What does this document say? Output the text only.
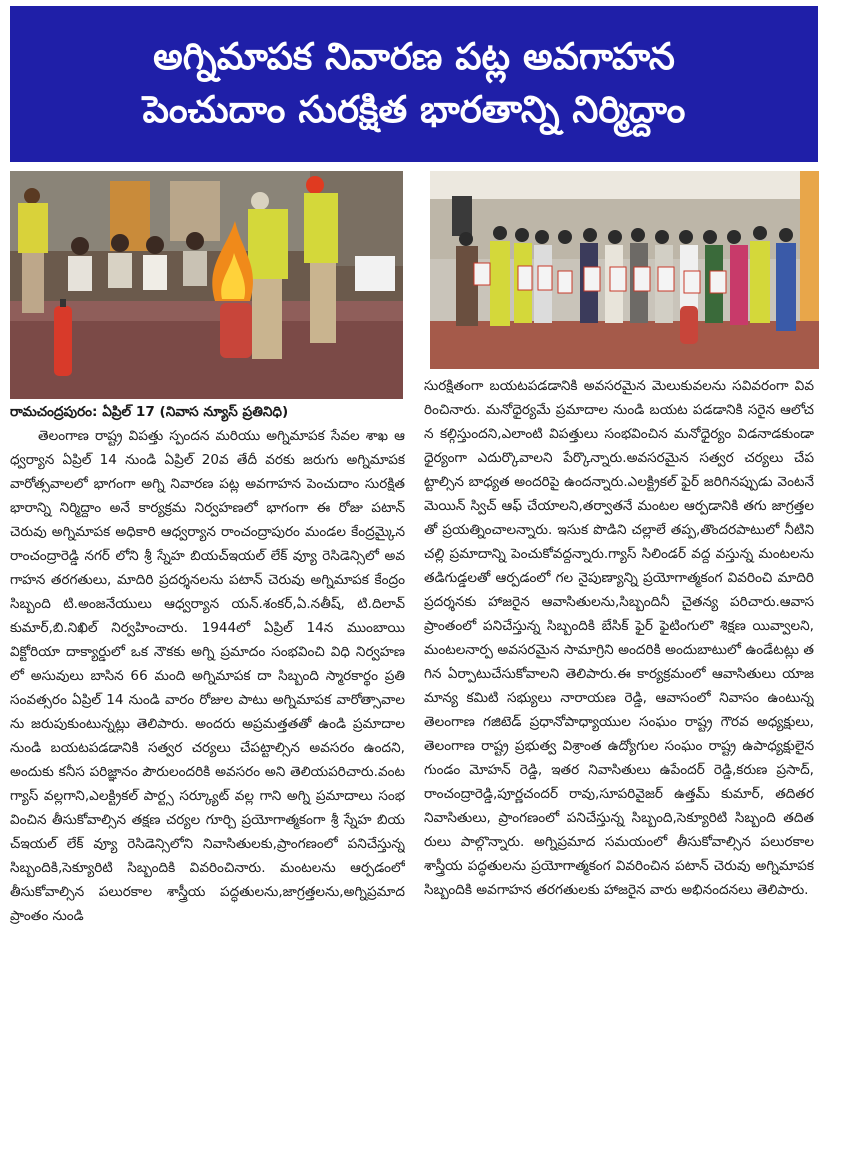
అగ్నిమాపక నివారణ పట్ల అవగాహన
పెంచుదాం సురక్షిత భారతాన్ని నిర్మిద్దాం

రామచంద్రపురం: ఏప్రిల్ 17 (నివాస న్యూస్ ప్రతినిధి)

తెలంగాణ రాష్ట్ర విపత్తు స్పందన మరియు అగ్నిమాపక సేవల శాఖ ఆధ్వర్యాన ఏప్రిల్ 14 నుండి ఏప్రిల్ 20వ తేదీ వరకు జరుగు అగ్నిమాపక వారోత్సవాలలో భాగంగా అగ్ని నివారణ పట్ల అవగాహన పెంచుదాం సురక్షిత భారాన్ని నిర్మిద్దాం అనే కార్యక్రమ నిర్వహణలో భాగంగా ఈ రోజు పటాన్ చెరువు అగ్నిమాపక అధికారి ఆధ్వర్యాన రాంచంద్రాపురం మండల కేంద్రమ్కైన రాంచంద్రారెడ్డి నగర్ లోని శ్రీ స్నేహ బియచ్ఇయల్ లేక్ వ్యూ రెసిడెన్సిలో అవగాహన తరగతులు, మాదిరి ప్రదర్శనలను పటాన్ చెరువు అగ్నిమాపక కేంద్రం సిబ్బంది టి.అంజనేయులు ఆధ్వర్యాన యన్.శంకర్,ఏ.నతీష్, టి.దిలావ్ కుమార్,బి.నిఖిల్ నిర్వహించారు. 1944లో ఏప్రిల్ 14న ముంబాయి విక్టోరియా దాక్యార్డులో ఒక నౌకకు అగ్ని ప్రమాదం సంభవించి విధి నిర్వహణలో అసువులు బాసిన 66 మంది అగ్నిమాపక దా సిబ్బంది స్మారకార్థం ప్రతి సంవత్సరం ఏప్రిల్ 14 నుండి వారం రోజుల పాటు అగ్నిమాపక వారోత్సావాలను జరుపుకుంటున్నట్లు తెలిపారు. అందరు అప్రమత్తతతో ఉండి ప్రమాదాల నుండి బయటపడడానికి సత్వర చర్యలు చేపట్టాల్సిన అవసరం ఉందని, అందుకు కనీస పరిజ్ఞానం పౌరులందరికి అవసరం అని తెలియపరిచారు.వంటగ్యాస్ వల్లగాని,ఎలక్ట్రికల్ పార్ట్స సర్క్యూట్ వల్ల గాని అగ్ని ప్రమాదాలు సంభవించిన తీసుకోవాల్సిన తక్షణ చర్యల గూర్చి ప్రయోగాత్మకంగా శ్రీ స్నేహ బియచ్ఇయల్ లేక్ వ్యూ రెసిడెన్సిలోని నివాసితులకు,ప్రాంగణంలో పనిచేస్తున్న సిబ్బందికి,సెక్యూరిటి సిబ్బందికి వివరించినారు. మంటలను ఆర్పడంలో తీసుకోవాల్సిన పలురకాల శాస్త్రీయ పద్ధతులను,జాగ్రత్తలను,అగ్నిప్రమాద ప్రాంతం నుండి

సురక్షితంగా బయటపడడానికి అవసరమైన మెలుకువలను సవివరంగా వివరించినారు. మనోధైర్యమే ప్రమాదాల నుండి బయట పడడానికి సరైన ఆలోచన కల్గిస్తుందని,ఎలాంటి విపత్తులు సంభవించిన మనోధైర్యం విడనాడకుండా ధైర్యంగా ఎదుర్కొవాలని పేర్కొన్నారు.అవసరమైన సత్వర చర్యలు చేపట్టాల్సిన బాధ్యత అందరిపై ఉందన్నారు.ఎలక్ట్రికల్ ఫైర్ జరిగినప్పుడు వెంటనే మెయిన్ స్విచ్ ఆఫ్ చేయాలని,తర్వాతనే మంటల ఆర్పడానికి తగు జాగ్రత్తలతో ప్రయత్నించాలన్నారు. ఇసుక పొడిని చల్లాలే తప్ప,తొందరపాటులో నీటిని చల్లి ప్రమాదాన్ని పెంచుకోవద్దన్నారు.గ్యాస్ సిలిండర్ వద్ద వస్తున్న మంటలను తడిగుడ్డలతో ఆర్పడంలో గల నైపుణ్యాన్ని ప్రయోగాత్మకంగ వివరించి మాదిరి ప్రదర్శనకు హాజరైన ఆవాసితులను,సిబ్బందినీ చైతన్య పరిచారు.ఆవాస ప్రాంతంలో పనిచేస్తున్న సిబ్బందికి బేసిక్ ఫైర్ ఫైటింగులొ శిక్షణ యివ్వాలని,మంటలనార్ప అవసరమైన సామాగ్రిని అందరికి అందుబాటులో ఉండేటట్లు తగిన ఏర్పాటుచేసుకోవాలని తెలిపారు.ఈ కార్యక్రమంలో ఆవాసితులు యాజమాన్య కమిటి సభ్యులు నారాయణ రెడ్డి, ఆవాసంలో నివాసం ఉంటున్న తెలంగాణ గజిటెడ్ ప్రధానోపాధ్యాయుల సంఘం రాష్ట్ర గౌరవ అధ్యక్షులు,తెలంగాణ రాష్ట్ర ప్రభుత్వ విశ్రాంత ఉద్యోగుల సంఘం రాష్ట్ర ఉపాధ్యక్షులైన గుండం మోహన్ రెడ్డి, ఇతర నివాసితులు ఉపేందర్ రెడ్డి,కరుణ ప్రసాద్,రాంచంద్రారెడ్డి,పూర్ణచందర్ రావు,సూపరివైజర్ ఉత్తమ్ కుమార్, తదితర నివాసితులు, ప్రాంగణంలో పనిచేస్తున్న సిబ్బంది,సెక్యూరిటి సిబ్బంది తదితరులు పాల్గొన్నారు. అగ్నిప్రమాద సమయంలో తీసుకోవాల్సిన పలురకాల శాస్త్రీయ పద్ధతులను ప్రయోగాత్మకంగ వివరించిన పటాన్ చెరువు అగ్నిమాపక సిబ్బందికి అవగాహన తరగతులకు హాజరైన వారు అభినందనలు తెలిపారు.
